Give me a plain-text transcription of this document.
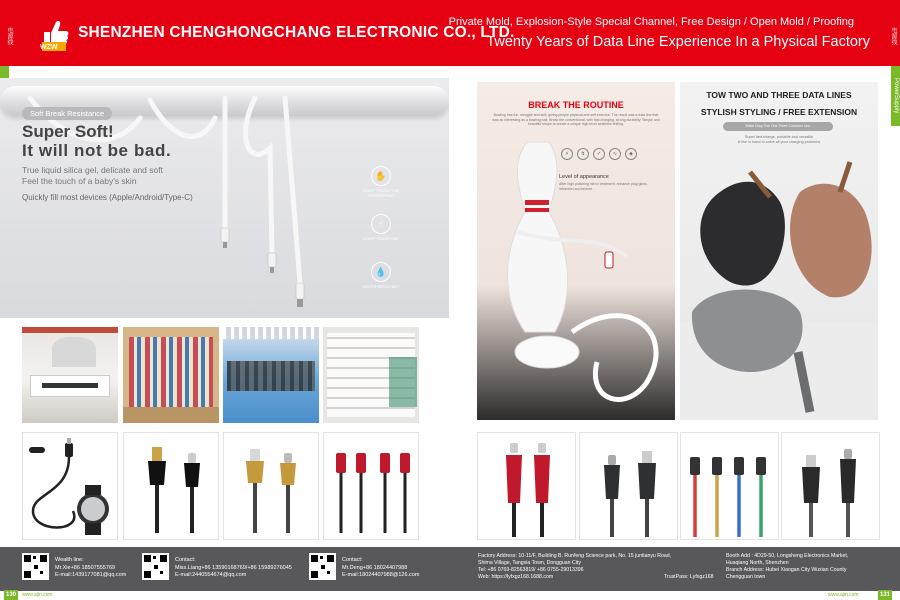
WZW
SHENZHEN CHENGHONGCHANG ELECTRONIC CO., LTD.
Private Mold, Explosion-Style Special Channel, Free Design / Open Mold / Proofing
Twenty Years of Data Line Experience In a Physical Factory
电源线	电源线
PowerSupply
Soft Break Resistance
Super Soft!
It will not be bad.
True liquid silica gel, delicate and soft
Feel the touch of a baby's skin
Quickly fill most devices (Apple/Android/Type-C)
✋
DON'T TOUCH THE FINGERPRINT
☝
DON'T TOUCH HAT
💧
WATER RESISTANT
BREAK THE ROUTINE
Bowling has fun, struggle and skill, giving people physical and self exercise. The result was a data line that was as interesting as a bowling ball. Break the conventional, with fast charging, strong durability. Simple and beautiful shape to create a unique high-level aesthetic feeling.
⚡	↯	✓	∿	◈
Level of appearance
After high polishing mirror treatment, enhance plug gloss, refraction and texture.
TOW TWO AND THREE DATA LINES
STYLISH STYLING / FREE EXTENSION
Make Drop Tow One Three Common Line
Super fast charge, portable and versatile
A line in hand to solve all your charging problems
Wealth line:
Mr.Xie+86 18507555769
E-mail:1439177081@qq.com
Contact:
Miss.Liang+86 13590168769/+86 15989276045
E-mail:2440554674@qq.com
Contact:
Mr.Deng+86 18024407988
E-mail:18024407988@126.com
Factory Address: 10-11/F, Building B, Runfeng Science park, No. 15 juntianyu Road,
Shima Village, Tangxia Town, Dongguan City
Tel: +86 0769-82563819/ +86 0755-29013396
Web: https://lyfxgz168.1688.com	TrustPass: Lyfxgz168
Booth Add : 4D29-50, Longsheng Electronics Market,
Huaqiang North, Shenzhen
Branch Address: Hubei Xiaogan City Wuxian County
Chengguan town
130	www.ajin.com	www.ajin.com	131
